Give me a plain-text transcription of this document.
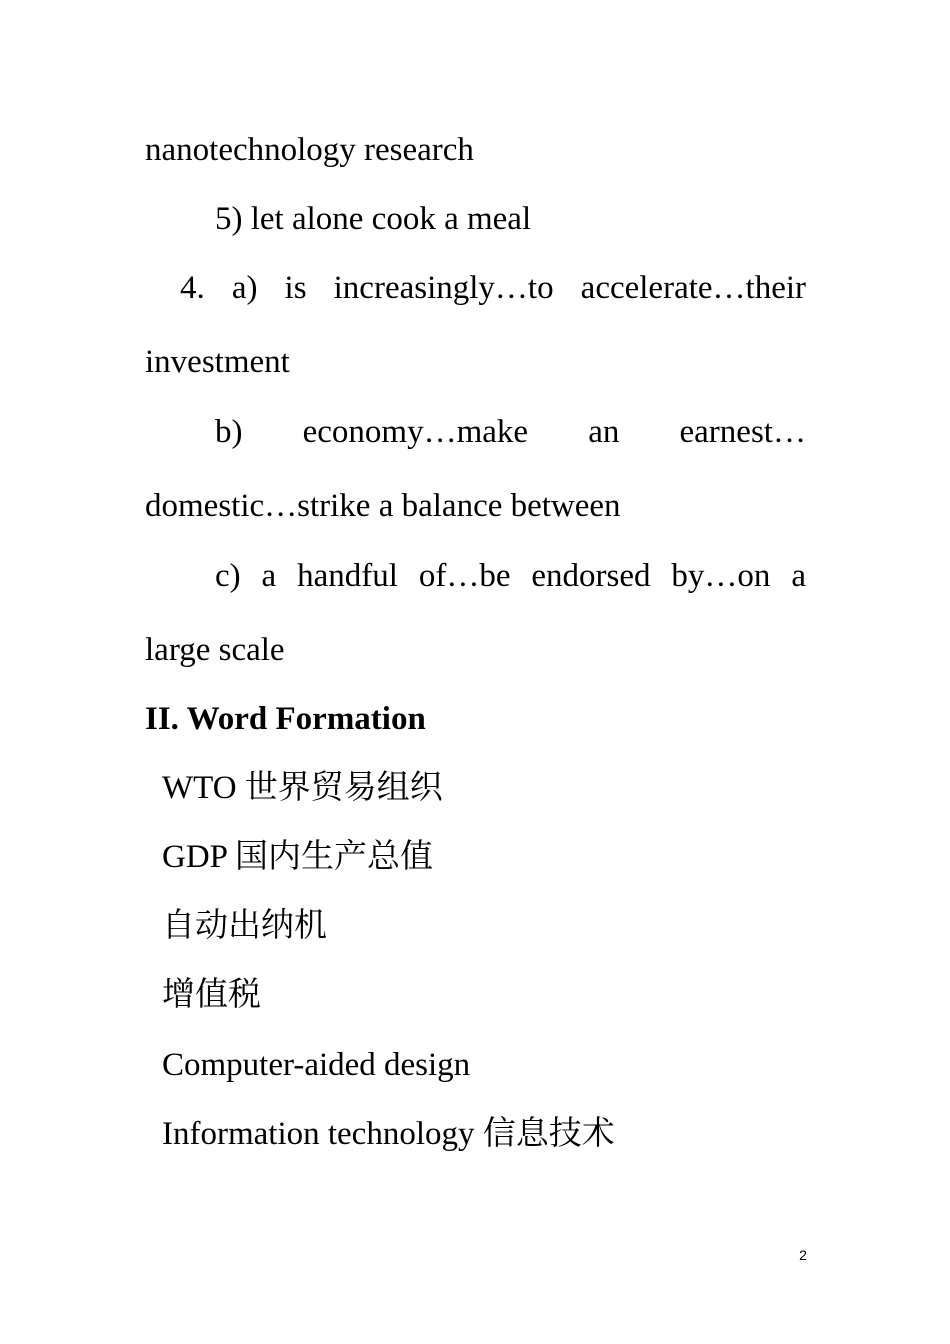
nanotechnology research
5) let alone cook a meal
4. a) is increasingly…to accelerate…their
investment
b) economy…make an earnest…
domestic…strike a balance between
c) a handful of…be endorsed by…on a
large scale
II. Word Formation
WTO 世界贸易组织
GDP 国内生产总值
自动出纳机
增值税
Computer-aided design
Information technology 信息技术
2
